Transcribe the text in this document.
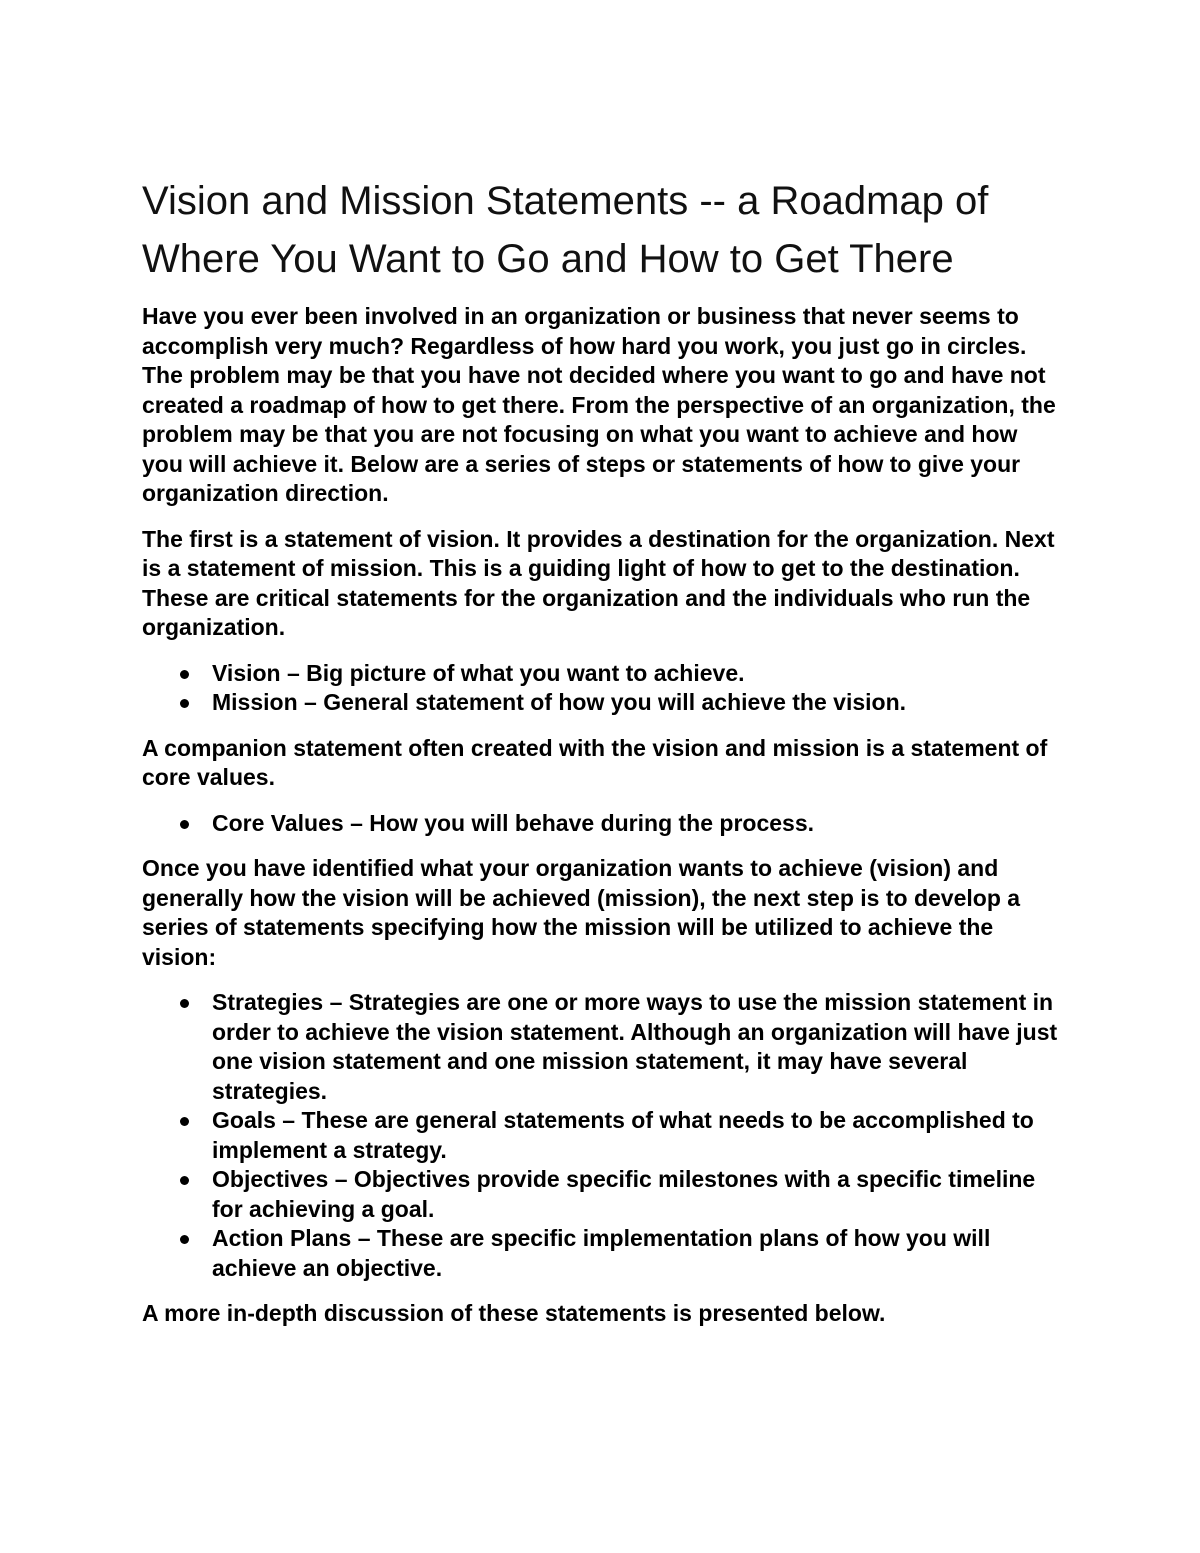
Vision and Mission Statements -- a Roadmap of Where You Want to Go and How to Get There

Have you ever been involved in an organization or business that never seems to accomplish very much? Regardless of how hard you work, you just go in circles. The problem may be that you have not decided where you want to go and have not created a roadmap of how to get there. From the perspective of an organization, the problem may be that you are not focusing on what you want to achieve and how you will achieve it. Below are a series of steps or statements of how to give your organization direction.

The first is a statement of vision. It provides a destination for the organization. Next is a statement of mission. This is a guiding light of how to get to the destination. These are critical statements for the organization and the individuals who run the organization.

Vision – Big picture of what you want to achieve.
Mission – General statement of how you will achieve the vision.

A companion statement often created with the vision and mission is a statement of core values.

Core Values – How you will behave during the process.

Once you have identified what your organization wants to achieve (vision) and generally how the vision will be achieved (mission), the next step is to develop a series of statements specifying how the mission will be utilized to achieve the vision:

Strategies – Strategies are one or more ways to use the mission statement in order to achieve the vision statement. Although an organization will have just one vision statement and one mission statement, it may have several strategies.
Goals – These are general statements of what needs to be accomplished to implement a strategy.
Objectives – Objectives provide specific milestones with a specific timeline for achieving a goal.
Action Plans – These are specific implementation plans of how you will achieve an objective.

A more in-depth discussion of these statements is presented below.
